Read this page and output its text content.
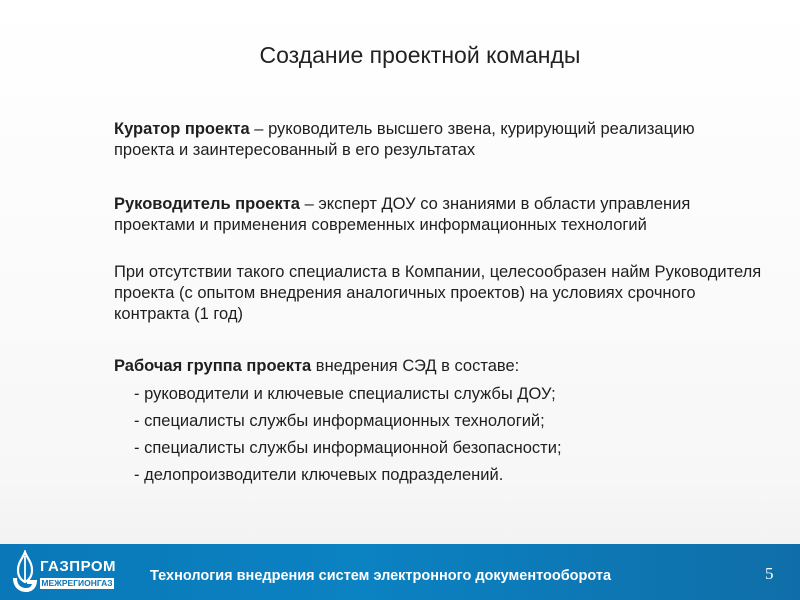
Создание проектной команды
Куратор проекта – руководитель высшего звена, курирующий реализацию проекта и заинтересованный в его результатах
Руководитель проекта – эксперт ДОУ со знаниями в области управления проектами и применения современных информационных технологий
При отсутствии такого специалиста в Компании, целесообразен найм Руководителя проекта (с опытом внедрения аналогичных проектов) на условиях срочного контракта (1 год)
Рабочая группа проекта внедрения СЭД в составе:
- руководители и ключевые специалисты службы ДОУ;
- специалисты службы информационных технологий;
- специалисты службы информационной безопасности;
- делопроизводители ключевых подразделений.
ГАЗПРОМ
МЕЖРЕГИОНГАЗ	Технология внедрения систем электронного документооборота	5
